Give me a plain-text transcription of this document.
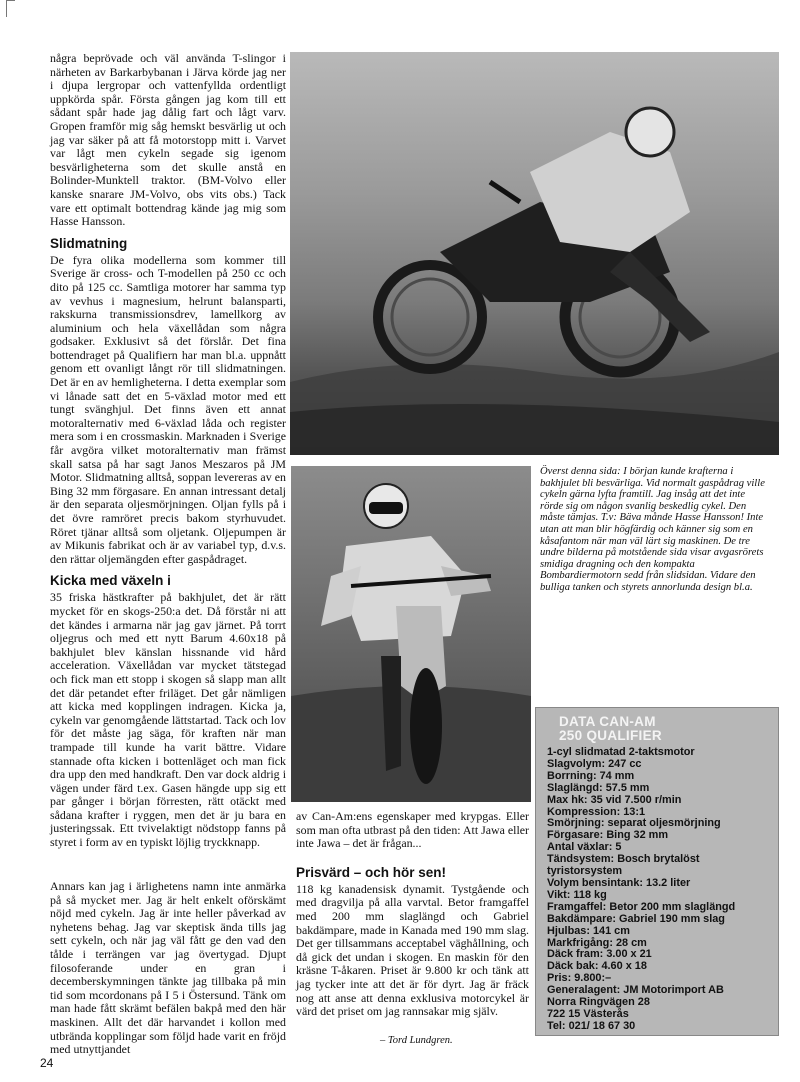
några beprövade och väl använda T-slingor i närheten av Barkarbybanan i Järva körde jag ner i djupa lergropar och vattenfyllda ordentligt uppkörda spår. Första gången jag kom till ett sådant spår hade jag dålig fart och lågt varv. Gropen framför mig såg hemskt besvärlig ut och jag var säker på att få motorstopp mitt i. Varvet var lågt men cykeln segade sig igenom besvärligheterna som det skulle anstå en Bolinder-Munktell traktor. (BM-Volvo eller kanske snarare JM-Volvo, obs vits obs.) Tack vare ett optimalt bottendrag kände jag mig som Hasse Hansson.

Slidmatning

De fyra olika modellerna som kommer till Sverige är cross- och T-modellen på 250 cc och dito på 125 cc. Samtliga motorer har samma typ av vevhus i magnesium, helrunt balansparti, rakskurna transmissionsdrev, lamellkorg av aluminium och hela växellådan som några godsaker. Exklusivt så det förslår. Det fina bottendraget på Qualifiern har man bl.a. uppnått genom ett ovanligt långt rör till slidmatningen. Det är en av hemligheterna. I detta exemplar som vi lånade satt det en 5-växlad motor med ett tungt svänghjul. Det finns även ett annat motoralternativ med 6-växlad låda och register mera som i en crossmaskin. Marknaden i Sverige får avgöra vilket motoralternativ man främst skall satsa på har sagt Janos Meszaros på JM Motor. Slidmatning alltså, soppan levereras av en Bing 32 mm förgasare. En annan intressant detalj är den separata oljesmörjningen. Oljan fylls på i det övre ramröret precis bakom styrhuvudet. Röret tjänar alltså som oljetank. Oljepumpen är av Mikunis fabrikat och är av variabel typ, d.v.s. den rättar oljemängden efter gaspådraget.

Kicka med växeln i

35 friska hästkrafter på bakhjulet, det är rätt mycket för en skogs-250:a det. Då förstår ni att det kändes i armarna när jag gav järnet. På torrt oljegrus och med ett nytt Barum 4.60x18 på bakhjulet blev känslan hissnande vid hård acceleration. Växellådan var mycket tätstegad och fick man ett stopp i skogen så slapp man allt det där petandet efter friläget. Det går nämligen att kicka med kopplingen indragen. Kicka ja, cykeln var genomgående lättstartad. Tack och lov för det måste jag säga, för kraften när man trampade till kunde ha varit bättre. Vidare stannade ofta kicken i bottenläget och man fick dra upp den med handkraft. Den var dock aldrig i vägen under färd t.ex. Gasen hängde upp sig ett par gånger i början förresten, rätt otäckt med sådana krafter i ryggen, men det är ju bara en justeringssak. Ett tvivelaktigt nödstopp fanns på styret i form av en typiskt löjlig tryckknapp.

Annars kan jag i ärlighetens namn inte anmärka på så mycket mer. Jag är helt enkelt oförskämt nöjd med cykeln. Jag är inte heller påverkad av nyhetens behag. Jag var skeptisk ända tills jag sett cykeln, och när jag väl fått ge den vad den tålde i terrängen var jag övertygad. Djupt filosoferande under en gran i decemberskymningen tänkte jag tillbaka på min tid som mcordonans på I 5 i Östersund. Tänk om man hade fått skrämt befälen bakpå med den här maskinen. Allt det där harvandet i kollon med utbrända kopplingar som följd hade varit en fröjd med utnyttjandet

Överst denna sida: I början kunde krafterna i bakhjulet bli besvärliga. Vid normalt gaspådrag ville cykeln gärna lyfta framtill. Jag insåg att det inte rörde sig om någon svanlig beskedlig cykel. Den måste tämjas. T.v: Bäva månde Hasse Hansson! Inte utan att man blir högfärdig och känner sig som en kåsafantom när man väl lärt sig maskinen. De tre undre bilderna på motstående sida visar avgasrörets smidiga dragning och den kompakta Bombardiermotorn sedd från slidsidan. Vidare den bulliga tanken och styrets annorlunda design bl.a.

av Can-Am:ens egenskaper med krypgas. Eller som man ofta utbrast på den tiden: Att Jawa eller inte Jawa – det är frågan...

Prisvärd – och hör sen!

118 kg kanadensisk dynamit. Tystgående och med dragvilja på alla varvtal. Betor framgaffel med 200 mm slaglängd och Gabriel bakdämpare, made in Kanada med 190 mm slag. Det ger tillsammans acceptabel väghållning, och då gick det undan i skogen. En maskin för den kräsne T-åkaren. Priset är 9.800 kr och tänk att jag tycker inte att det är för dyrt. Jag är fräck nog att anse att denna exklusiva motorcykel är värd det priset om jag rannsakar mig själv.

– Tord Lundgren.
DATA CAN-AM
250 QUALIFIER
1-cyl slidmatad 2-taktsmotor
Slagvolym: 247 cc
Borrning: 74 mm
Slaglängd: 57.5 mm
Max hk: 35 vid 7.500 r/min
Kompression: 13:1
Smörjning: separat oljesmörjning
Förgasare: Bing 32 mm
Antal växlar: 5
Tändsystem: Bosch brytalöst
tyristorsystem
Volym bensintank: 13.2 liter
Vikt: 118 kg
Framgaffel: Betor 200 mm slaglängd
Bakdämpare: Gabriel 190 mm slag
Hjulbas: 141 cm
Markfrigång: 28 cm
Däck fram: 3.00 x 21
Däck bak: 4.60 x 18
Pris: 9.800:–
Generalagent: JM Motorimport AB
Norra Ringvägen 28
722 15 Västerås
Tel: 021/ 18 67 30
24
